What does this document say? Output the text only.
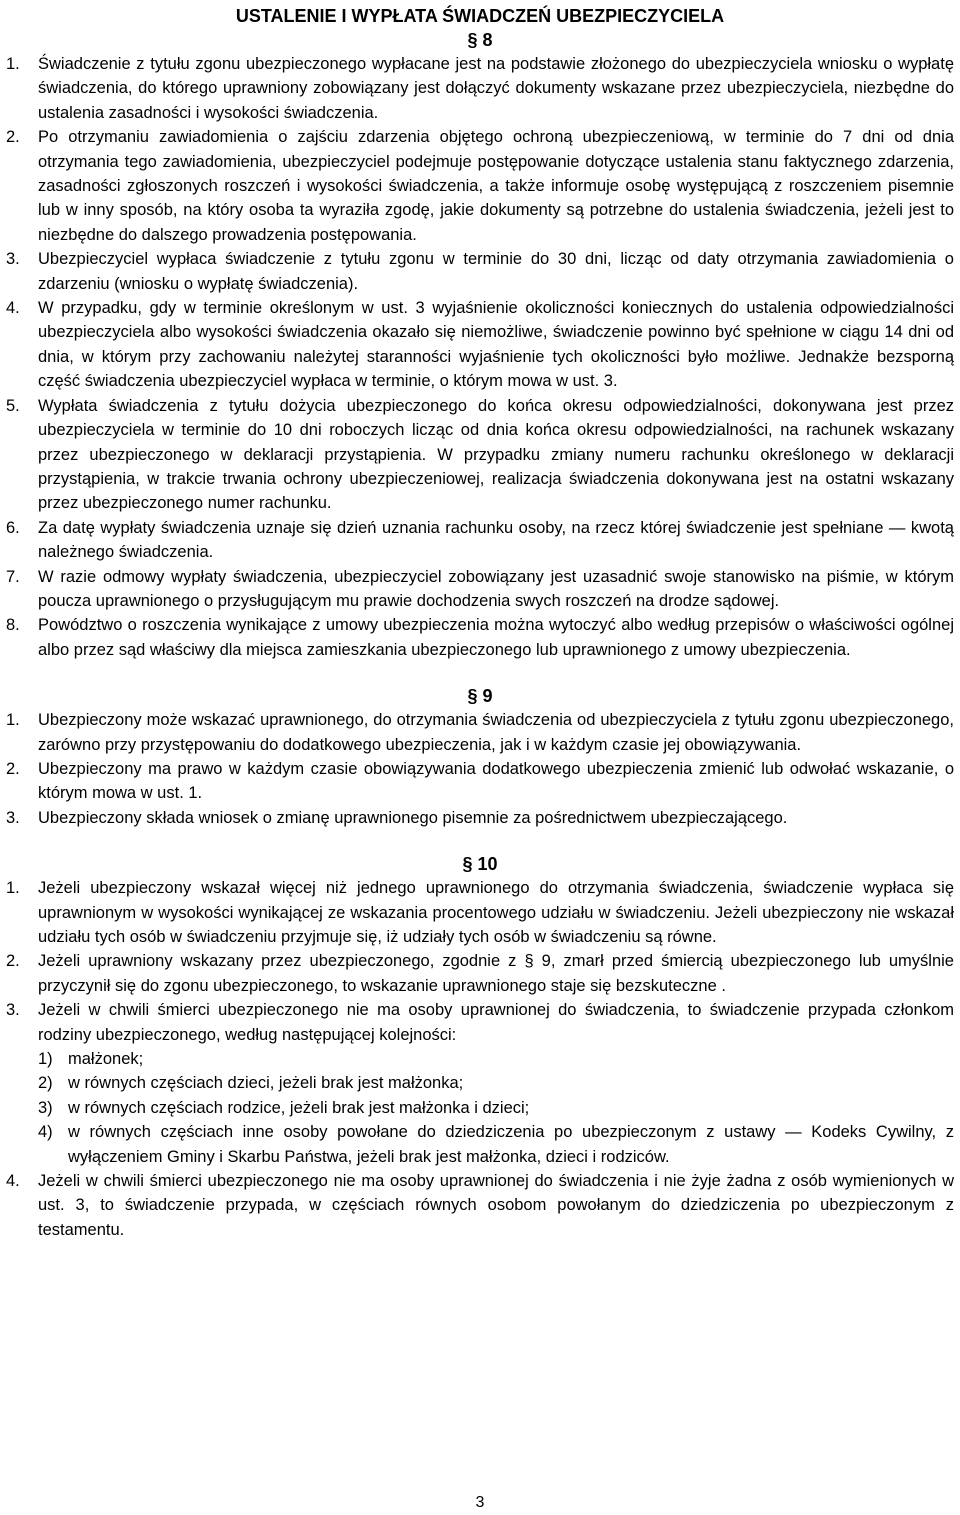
USTALENIE I WYPŁATA ŚWIADCZEŃ UBEZPIECZYCIELA
§ 8
1.	Świadczenie z tytułu zgonu ubezpieczonego wypłacane jest na podstawie złożonego do ubezpieczyciela wniosku o wypłatę świadczenia, do którego uprawniony zobowiązany jest dołączyć dokumenty wskazane przez ubezpieczyciela, niezbędne do ustalenia zasadności i wysokości świadczenia.
2.	Po otrzymaniu zawiadomienia o zajściu zdarzenia objętego ochroną ubezpieczeniową, w terminie do 7 dni od dnia otrzymania tego zawiadomienia, ubezpieczyciel podejmuje postępowanie dotyczące ustalenia stanu faktycznego zdarzenia, zasadności zgłoszonych roszczeń i wysokości świadczenia, a także informuje osobę występującą z roszczeniem pisemnie lub w inny sposób, na który osoba ta wyraziła zgodę, jakie dokumenty są potrzebne do ustalenia świadczenia, jeżeli jest to niezbędne do dalszego prowadzenia postępowania.
3.	Ubezpieczyciel wypłaca świadczenie z tytułu zgonu w terminie do 30 dni, licząc od daty otrzymania zawiadomienia o zdarzeniu (wniosku o wypłatę świadczenia).
4.	W przypadku, gdy w terminie określonym w ust. 3 wyjaśnienie okoliczności koniecznych do ustalenia odpowiedzialności ubezpieczyciela albo wysokości świadczenia okazało się niemożliwe, świadczenie powinno być spełnione w ciągu 14 dni od dnia, w którym przy zachowaniu należytej staranności wyjaśnienie tych okoliczności było możliwe. Jednakże bezsporną część świadczenia ubezpieczyciel wypłaca w terminie, o którym mowa w ust. 3.
5.	Wypłata świadczenia z tytułu dożycia ubezpieczonego do końca okresu odpowiedzialności, dokonywana jest przez ubezpieczyciela w terminie do 10 dni roboczych licząc od dnia końca okresu odpowiedzialności, na rachunek wskazany przez ubezpieczonego w deklaracji przystąpienia. W przypadku zmiany numeru rachunku określonego w deklaracji przystąpienia, w trakcie trwania ochrony ubezpieczeniowej, realizacja świadczenia dokonywana jest na ostatni wskazany przez ubezpieczonego numer rachunku.
6.	Za datę wypłaty świadczenia uznaje się dzień uznania rachunku osoby, na rzecz której świadczenie jest spełniane — kwotą należnego świadczenia.
7.	W razie odmowy wypłaty świadczenia, ubezpieczyciel zobowiązany jest uzasadnić swoje stanowisko na piśmie, w którym poucza uprawnionego o przysługującym mu prawie dochodzenia swych roszczeń na drodze sądowej.
8.	Powództwo o roszczenia wynikające z umowy ubezpieczenia można wytoczyć albo według przepisów o właściwości ogólnej albo przez sąd właściwy dla miejsca zamieszkania ubezpieczonego lub uprawnionego z umowy ubezpieczenia.
§ 9
1.	Ubezpieczony może wskazać uprawnionego, do otrzymania świadczenia od ubezpieczyciela z tytułu zgonu ubezpieczonego, zarówno przy przystępowaniu do dodatkowego ubezpieczenia, jak i w każdym czasie jej obowiązywania.
2.	Ubezpieczony ma prawo w każdym czasie obowiązywania dodatkowego ubezpieczenia zmienić lub odwołać wskazanie, o którym mowa w ust. 1.
3.	Ubezpieczony składa wniosek o zmianę uprawnionego pisemnie za pośrednictwem ubezpieczającego.
§ 10
1.	Jeżeli ubezpieczony wskazał więcej niż jednego uprawnionego do otrzymania świadczenia, świadczenie wypłaca się uprawnionym w wysokości wynikającej ze wskazania procentowego udziału w świadczeniu. Jeżeli ubezpieczony nie wskazał udziału tych osób w świadczeniu przyjmuje się, iż udziały tych osób w świadczeniu są równe.
2.	Jeżeli uprawniony wskazany przez ubezpieczonego, zgodnie z § 9, zmarł przed śmiercią ubezpieczonego lub umyślnie przyczynił się do zgonu ubezpieczonego, to wskazanie uprawnionego staje się bezskuteczne .
3.	Jeżeli w chwili śmierci ubezpieczonego nie ma osoby uprawnionej do świadczenia, to świadczenie przypada członkom rodziny ubezpieczonego, według następującej kolejności:
1) małżonek;
2) w równych częściach dzieci, jeżeli brak jest małżonka;
3) w równych częściach rodzice, jeżeli brak jest małżonka i dzieci;
4) w równych częściach inne osoby powołane do dziedziczenia po ubezpieczonym z ustawy — Kodeks Cywilny, z wyłączeniem Gminy i Skarbu Państwa, jeżeli brak jest małżonka, dzieci i rodziców.
4.	Jeżeli w chwili śmierci ubezpieczonego nie ma osoby uprawnionej do świadczenia i nie żyje żadna z osób wymienionych w ust. 3, to świadczenie przypada, w częściach równych osobom powołanym do dziedziczenia po ubezpieczonym z testamentu.
3
